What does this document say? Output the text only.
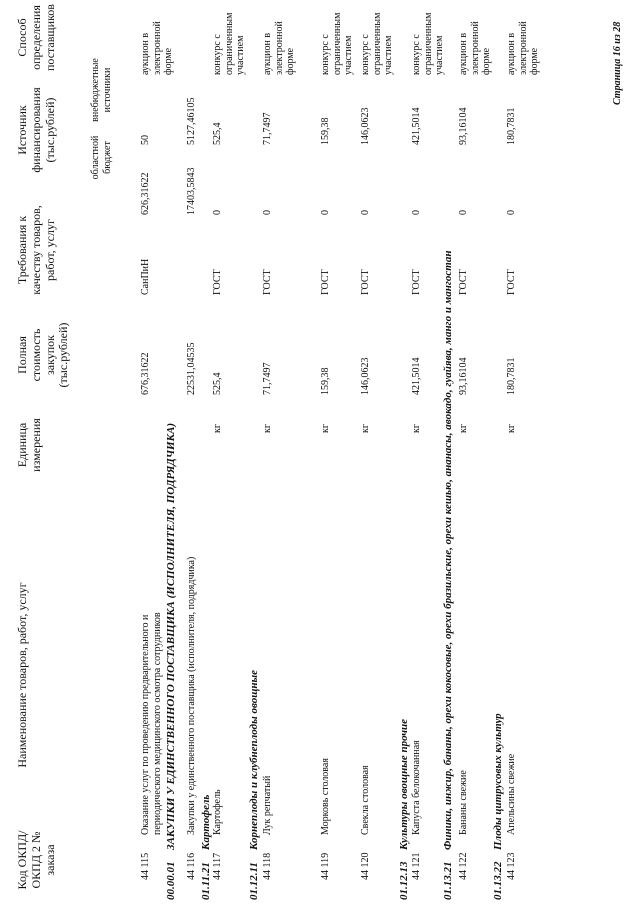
Код ОКПД/ ОКПД 2 № заказа
Наименование товаров, работ, услуг
Единица измерения
Полная стоимость закупок (тыс.рублей)
Требования к качеству товаров, работ, услуг
Источник финансирования (тыс.рублей)
Способ определения поставщиков
областной
бюджет
внебюджетные
источники
44 115
Оказание услуг по проведению предварительного и
периодического медицинского осмотра сотрудников
676,31622
СанПиН
626,31622
50
аукцион в
электронной
форме
00.00.01
ЗАКУПКИ У ЕДИНСТВЕННОГО ПОСТАВЩИКА (ИСПОЛНИТЕЛЯ, ПОДРЯДЧИКА)
44 116
Закупки у единственного поставщика (исполнителя, подрядчика)
22531,04535
17403,5843
5127,46105
01.11.21
Картофель
44 117
Картофель
кг
525,4
ГОСТ
0
525,4
конкурс с
ограниченным
участием
01.12.11
Корнеплоды и клубнеплоды овощные
44 118
Лук репчатый
кг
71,7497
ГОСТ
0
71,7497
аукцион в
электронной
форме
44 119
Морковь столовая
кг
159,38
ГОСТ
0
159,38
конкурс с
ограниченным
участием
44 120
Свекла столовая
кг
146,0623
ГОСТ
0
146,0623
конкурс с
ограниченным
участием
01.12.13
Культуры овощные прочие
44 121
Капуста белокочанная
кг
421,5014
ГОСТ
0
421,5014
конкурс с
ограниченным
участием
01.13.21
Финики, инжир, бананы, орехи кокосовые, орехи бразильские, орехи кешью, ананасы, авокадо, гуайява, манго и мангостан
44 122
Бананы свежие
кг
93,16104
ГОСТ
0
93,16104
аукцион в
электронной
форме
01.13.22
Плоды цитрусовых культур
44 123
Апельсины свежие
кг
180,7831
ГОСТ
0
180,7831
аукцион в
электронной
форме	Страница 16 из 28
